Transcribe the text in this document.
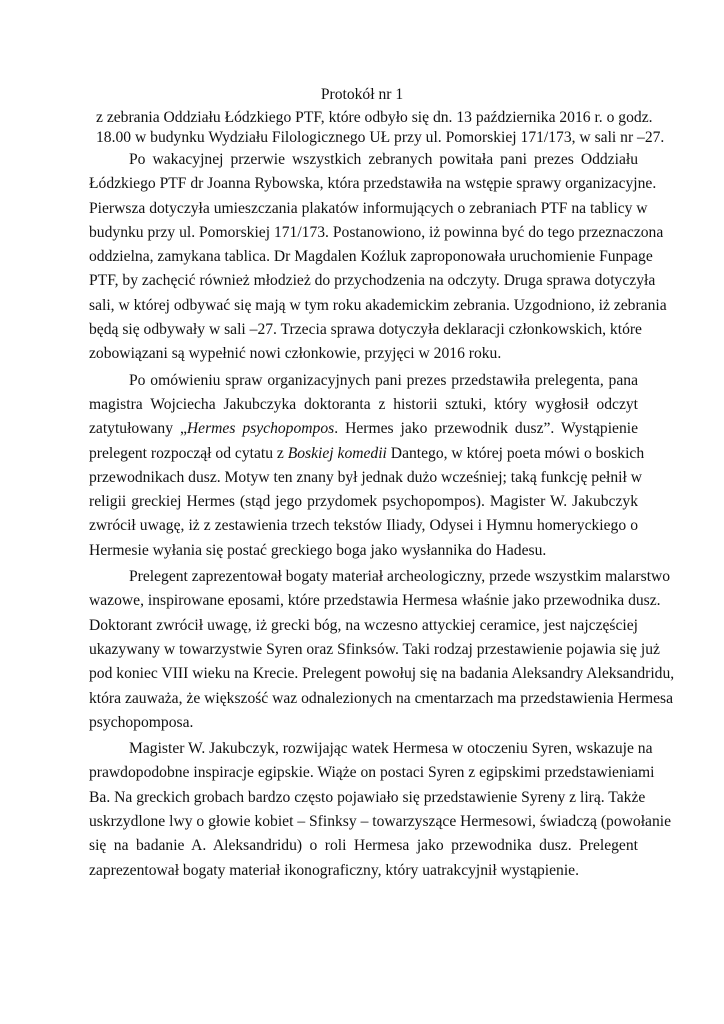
Protokół nr 1
z zebrania Oddziału Łódzkiego PTF, które odbyło się dn. 13 października 2016 r. o godz.
18.00 w budynku Wydziału Filologicznego UŁ przy ul. Pomorskiej 171/173, w sali nr –27.
Po wakacyjnej przerwie wszystkich zebranych powitała pani prezes Oddziału
Łódzkiego PTF dr Joanna Rybowska, która przedstawiła na wstępie sprawy organizacyjne.
Pierwsza dotyczyła umieszczania plakatów informujących o zebraniach PTF na tablicy w
budynku przy ul. Pomorskiej 171/173. Postanowiono, iż powinna być do tego przeznaczona
oddzielna, zamykana tablica. Dr Magdalen Koźluk zaproponowała uruchomienie Funpage
PTF, by zachęcić również młodzież do przychodzenia na odczyty. Druga sprawa dotyczyła
sali, w której odbywać się mają w tym roku akademickim zebrania. Uzgodniono, iż zebrania
będą się odbywały w sali –27. Trzecia sprawa dotyczyła deklaracji członkowskich, które
zobowiązani są wypełnić nowi członkowie, przyjęci w 2016 roku.
Po omówieniu spraw organizacyjnych pani prezes przedstawiła prelegenta, pana
magistra Wojciecha Jakubczyka doktoranta z historii sztuki, który wygłosił odczyt
zatytułowany „Hermes psychopompos. Hermes jako przewodnik dusz”. Wystąpienie
prelegent rozpoczął od cytatu z Boskiej komedii Dantego, w której poeta mówi o boskich
przewodnikach dusz. Motyw ten znany był jednak dużo wcześniej; taką funkcję pełnił w
religii greckiej Hermes (stąd jego przydomek psychopompos). Magister W. Jakubczyk
zwrócił uwagę, iż z zestawienia trzech tekstów Iliady, Odysei i Hymnu homeryckiego o
Hermesie wyłania się postać greckiego boga jako wysłannika do Hadesu.
Prelegent zaprezentował bogaty materiał archeologiczny, przede wszystkim malarstwo
wazowe, inspirowane eposami, które przedstawia Hermesa właśnie jako przewodnika dusz.
Doktorant zwrócił uwagę, iż grecki bóg, na wczesno attyckiej ceramice, jest najczęściej
ukazywany w towarzystwie Syren oraz Sfinksów. Taki rodzaj przestawienie pojawia się już
pod koniec VIII wieku na Krecie. Prelegent powołuj się na badania Aleksandry Aleksandridu,
która zauważa, że większość waz odnalezionych na cmentarzach ma przedstawienia Hermesa
psychopomposa.
Magister W. Jakubczyk, rozwijając watek Hermesa w otoczeniu Syren, wskazuje na
prawdopodobne inspiracje egipskie. Wiąże on postaci Syren z egipskimi przedstawieniami
Ba. Na greckich grobach bardzo często pojawiało się przedstawienie Syreny z lirą. Także
uskrzydlone lwy o głowie kobiet – Sfinksy – towarzyszące Hermesowi, świadczą (powołanie
się na badanie A. Aleksandridu) o roli Hermesa jako przewodnika dusz. Prelegent
zaprezentował bogaty materiał ikonograficzny, który uatrakcyjnił wystąpienie.
